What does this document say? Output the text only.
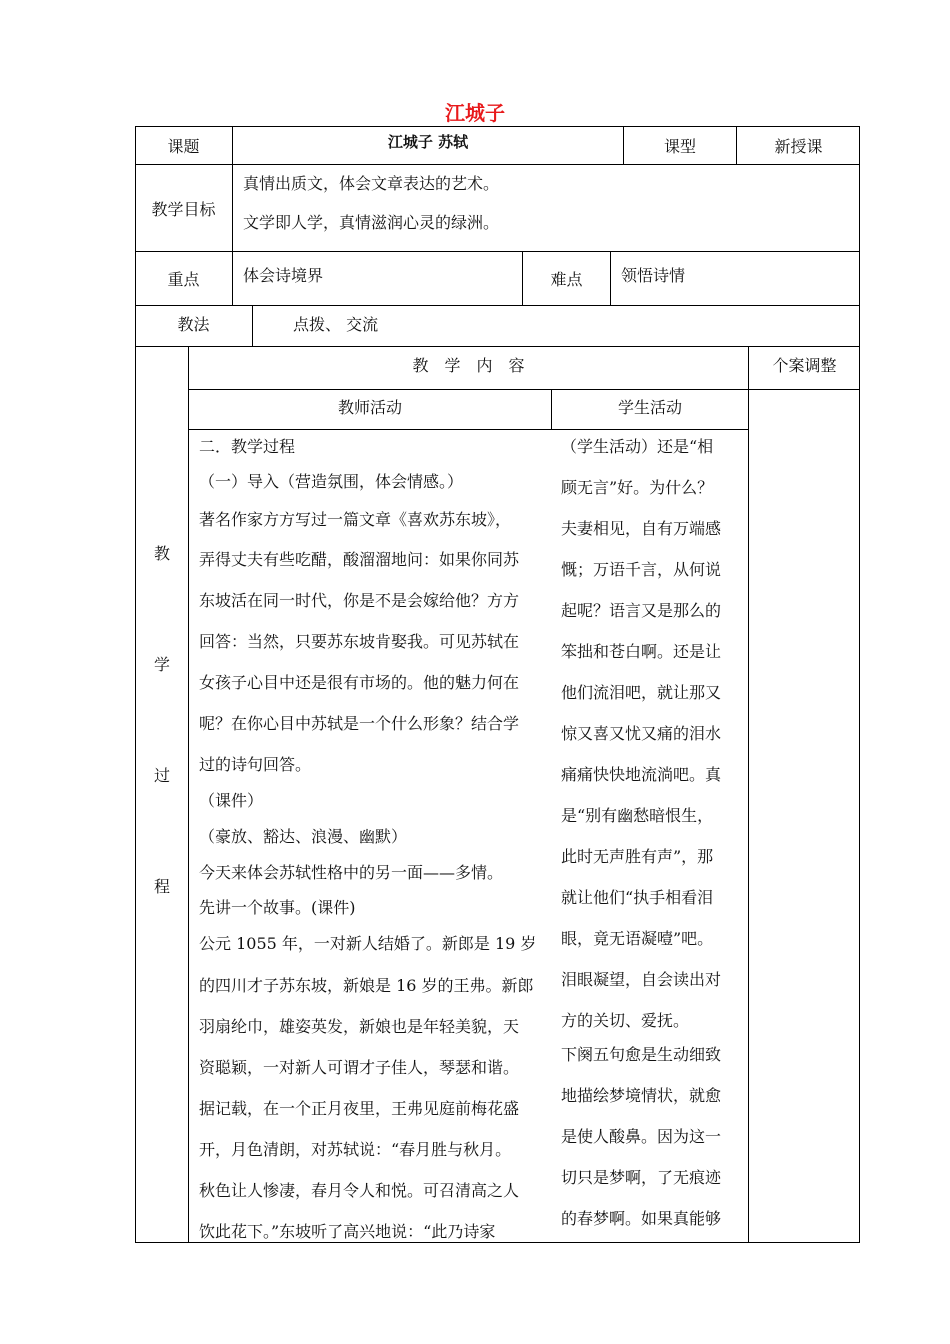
江城子
课题	江城子 苏轼	课型	新授课
教学目标
真情出质文，体会文章表达的艺术。
文学即人学，真情滋润心灵的绿洲。
重点	体会诗境界	难点	领悟诗情
教法	点拨、 交流
教
学
过
程
教　学　内　容	个案调整
教师活动	学生活动
二．教学过程
（一）导入（营造氛围，体会情感。）
著名作家方方写过一篇文章《喜欢苏东坡》，
弄得丈夫有些吃醋，酸溜溜地问：如果你同苏
东坡活在同一时代，你是不是会嫁给他？方方
回答：当然，只要苏东坡肯娶我。可见苏轼在
女孩子心目中还是很有市场的。他的魅力何在
呢？在你心目中苏轼是一个什么形象？结合学
过的诗句回答。
（课件）
（豪放、豁达、浪漫、幽默）
今天来体会苏轼性格中的另一面——多情。
先讲一个故事。(课件)
公元 1055 年，一对新人结婚了。新郎是 19 岁
的四川才子苏东坡，新娘是 16 岁的王弗。新郎
羽扇纶巾，雄姿英发，新娘也是年轻美貌，天
资聪颖，一对新人可谓才子佳人，琴瑟和谐。
据记载，在一个正月夜里，王弗见庭前梅花盛
开，月色清朗，对苏轼说：“春月胜与秋月。
秋色让人惨凄，春月令人和悦。可召清高之人
饮此花下。”东坡听了高兴地说：“此乃诗家
（学生活动）还是“相
顾无言”好。为什么？
夫妻相见，自有万端感
慨；万语千言，从何说
起呢？语言又是那么的
笨拙和苍白啊。还是让
他们流泪吧，就让那又
惊又喜又忧又痛的泪水
痛痛快快地流淌吧。真
是“别有幽愁暗恨生，
此时无声胜有声”，那
就让他们“执手相看泪
眼，竟无语凝噎”吧。
泪眼凝望，自会读出对
方的关切、爱抚。
下阕五句愈是生动细致
地描绘梦境情状，就愈
是使人酸鼻。因为这一
切只是梦啊，了无痕迹
的春梦啊。如果真能够
